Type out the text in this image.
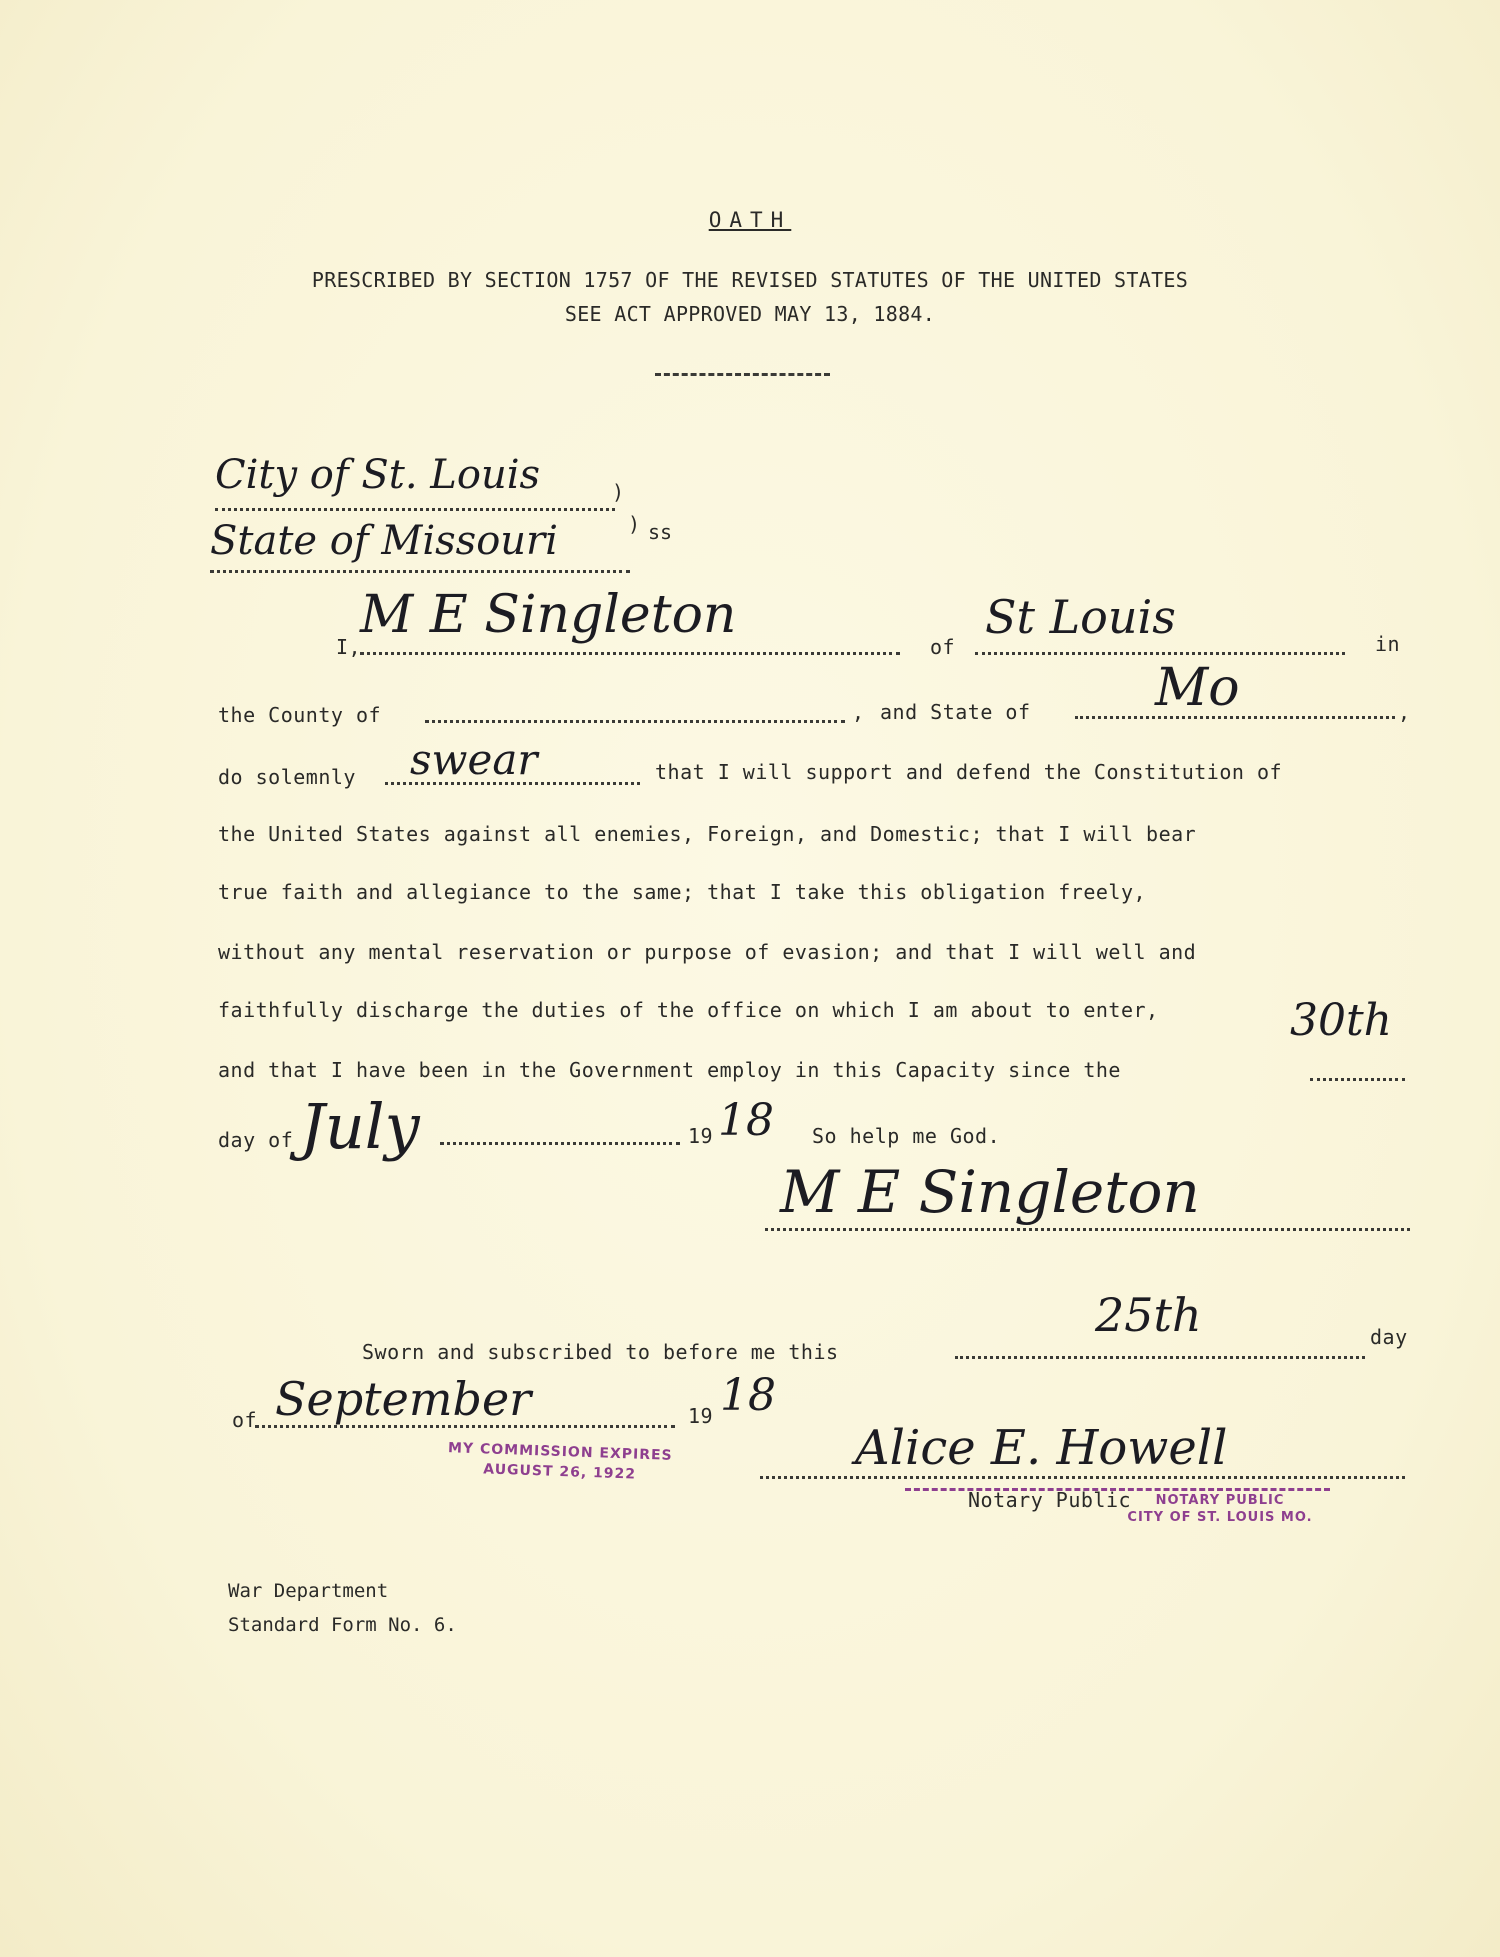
OATH
PRESCRIBED BY SECTION 1757 OF THE REVISED STATUTES OF THE UNITED STATES
SEE ACT APPROVED MAY 13, 1884.
City of St. Louis	)
State of Missouri	) ss
I,
M E Singleton
of
St Louis	in
the County of	, and State of Mo	,
do solemnly swear	that I will support and defend the Constitution of
the United States against all enemies, Foreign, and Domestic; that I will bear
true faith and allegiance to the same; that I take this obligation freely,
without any mental reservation or purpose of evasion; and that I will well and
faithfully discharge the duties of the office on which I am about to enter,
and that I have been in the Government employ in this Capacity since the
30th
day of July	19 18 So help me God.
M E Singleton
Sworn and subscribed to before me this
25th	day
of September	19 18
Alice E. Howell
Notary Public
MY COMMISSION EXPIRES
AUGUST 26, 1922
NOTARY PUBLIC
CITY OF ST. LOUIS MO.
War Department
Standard Form No. 6.
